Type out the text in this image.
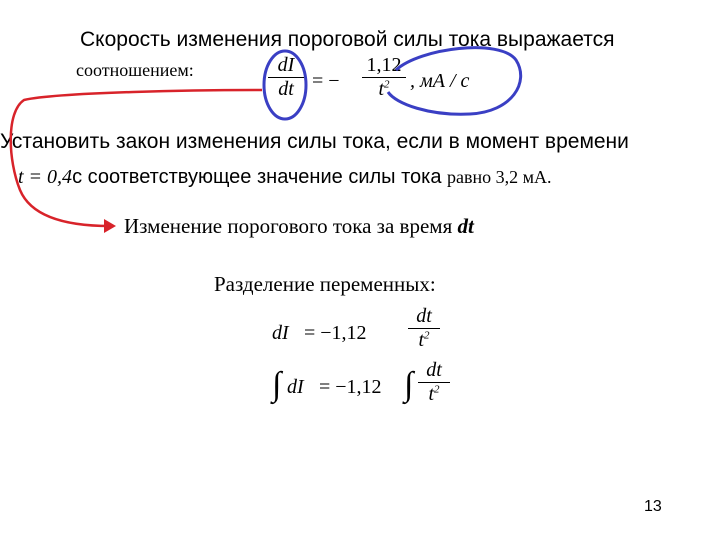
Скорость изменения пороговой силы тока выражается
соотношением:	dI
dt = −
1,12
$t^2$ , мА / с
Установить закон изменения силы тока, если в момент времени
t = 0,4с соответствующее значение силы тока равно 3,2 мА.
Изменение порогового тока за время dt
Разделение переменных:
dI = −1,12
dt
$t^2$
∫ dI = −1,12 ∫ dt
$t^2$
13
